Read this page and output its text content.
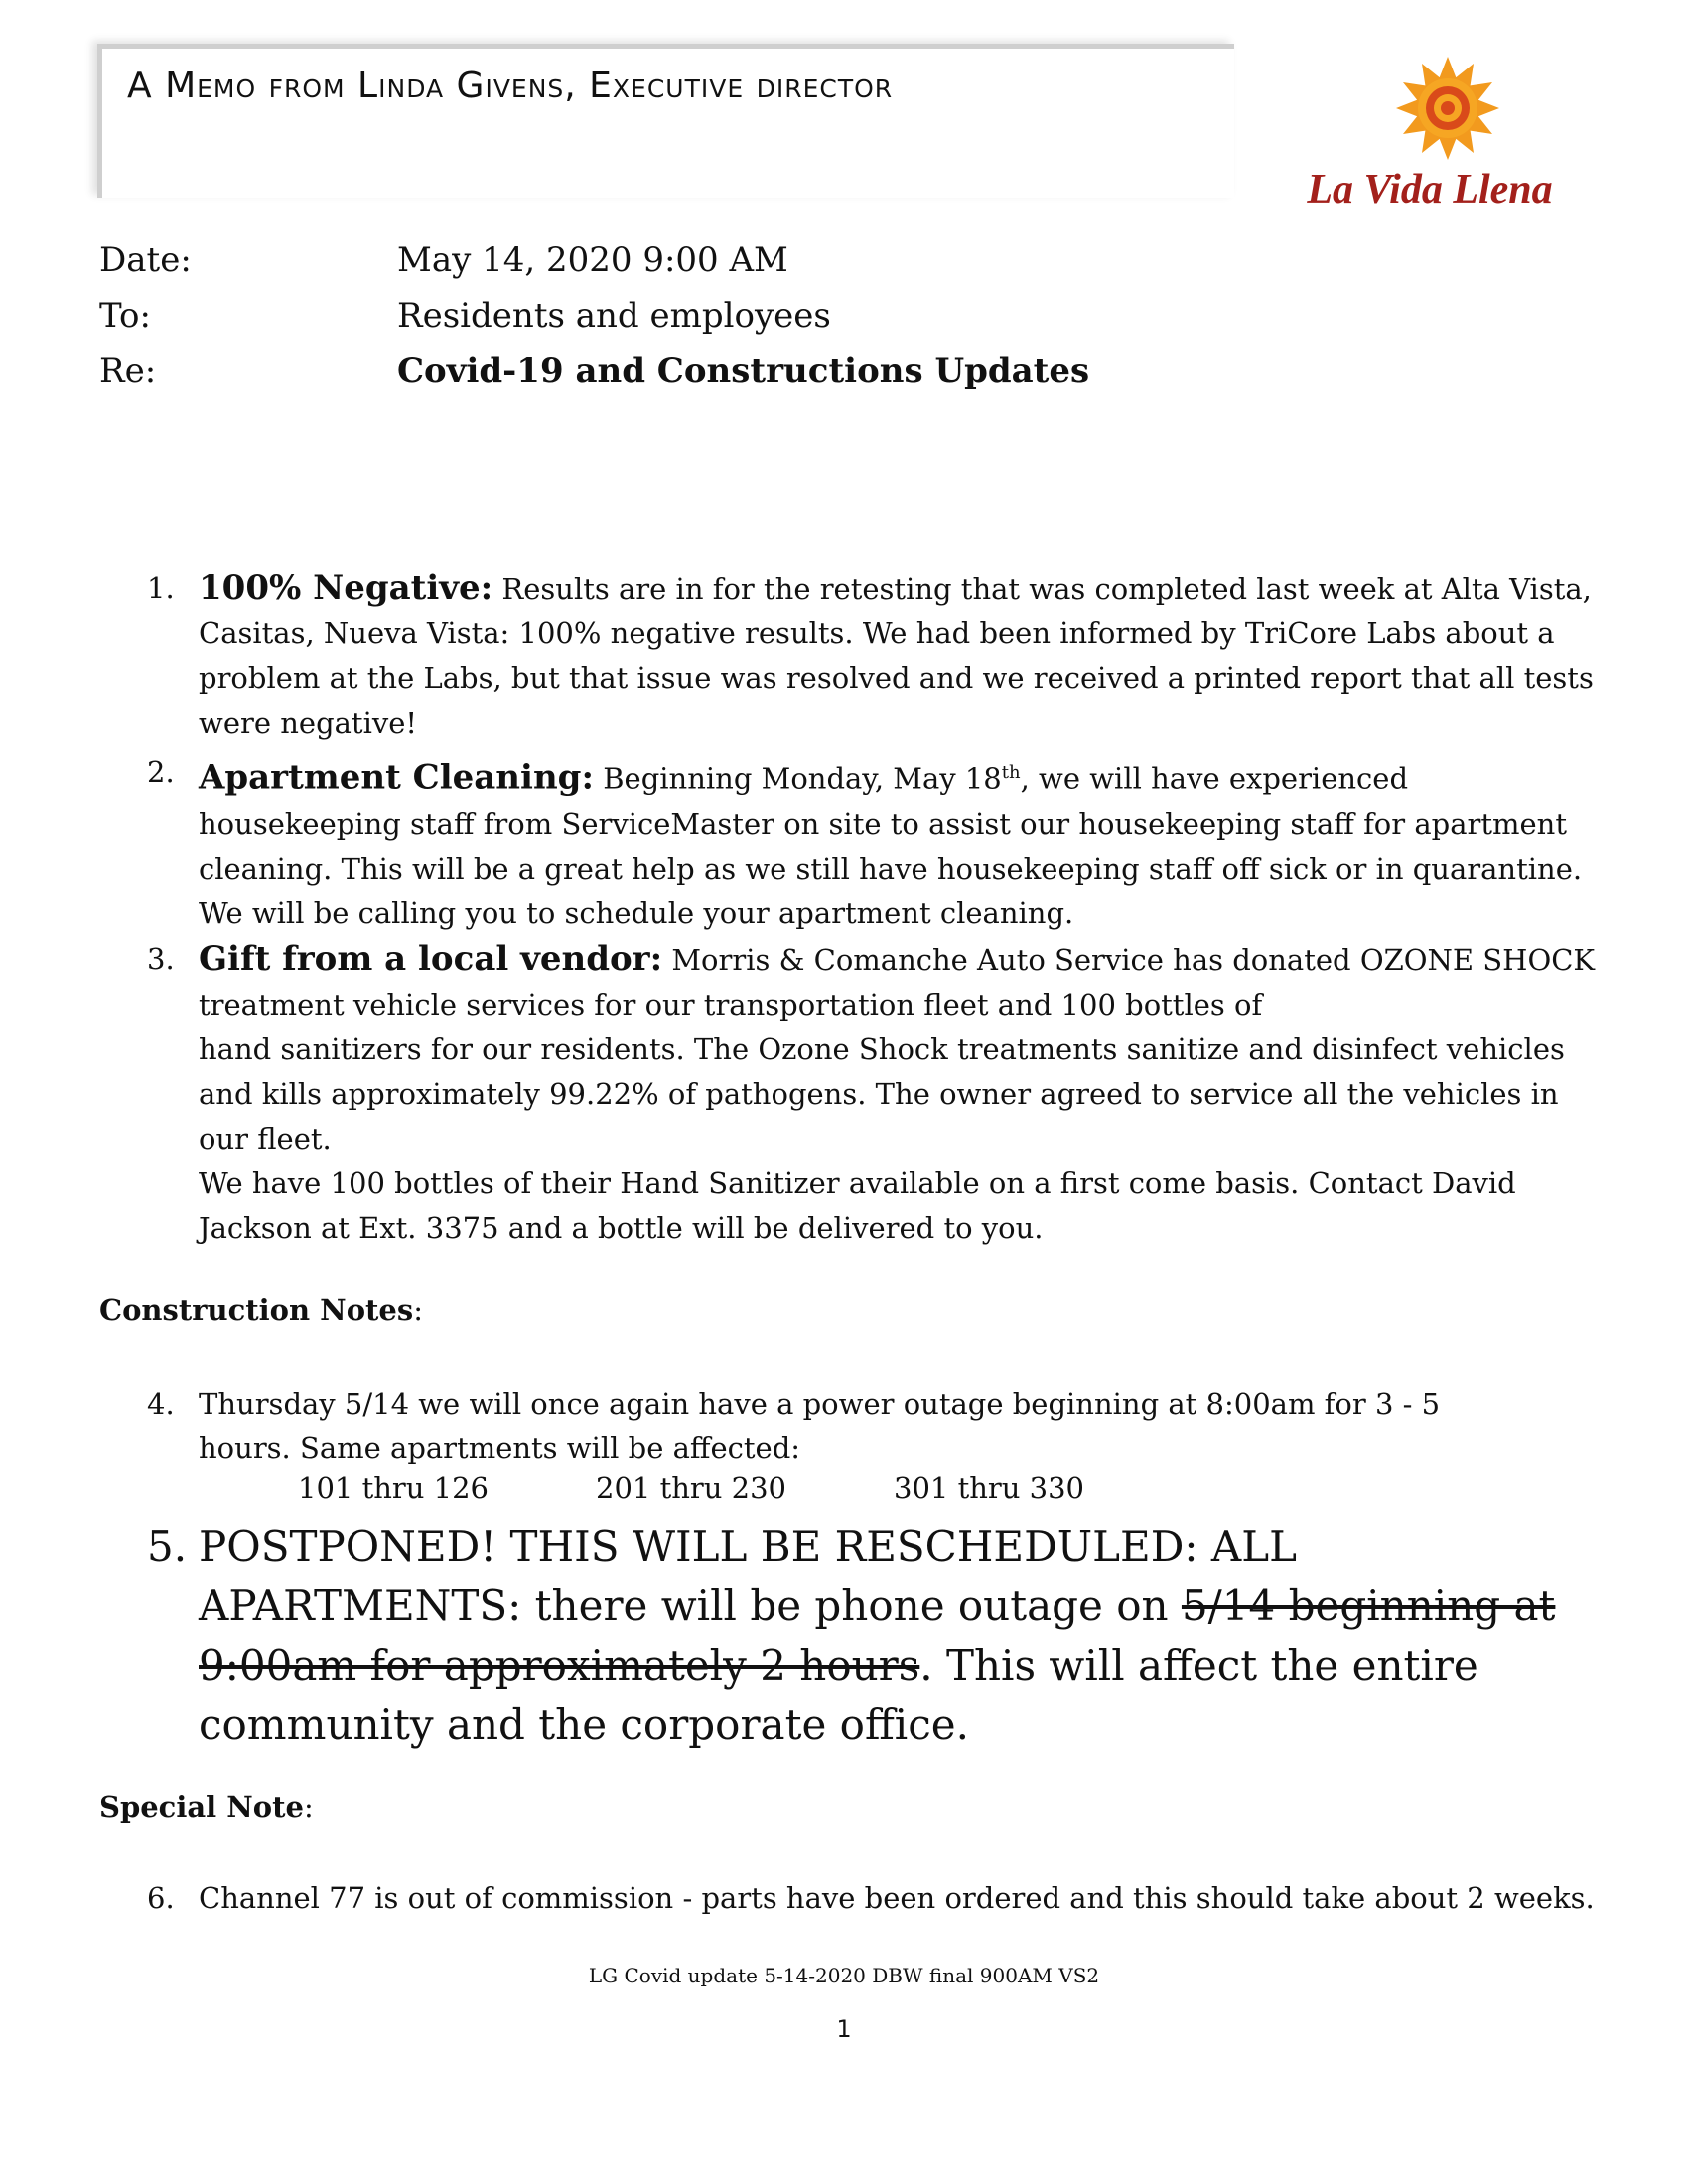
A Memo from Linda Givens, Executive director
La Vida Llena
Date:	May 14, 2020 9:00 AM
To:	Residents and employees
Re:	Covid-19 and Constructions Updates
1. 100% Negative: Results are in for the retesting that was completed last week at Alta Vista, Casitas, Nueva Vista: 100% negative results. We had been informed by TriCore Labs about a problem at the Labs, but that issue was resolved and we received a printed report that all tests were negative!
2. Apartment Cleaning: Beginning Monday, May 18th, we will have experienced housekeeping staff from ServiceMaster on site to assist our housekeeping staff for apartment cleaning. This will be a great help as we still have housekeeping staff off sick or in quarantine. We will be calling you to schedule your apartment cleaning.
3. Gift from a local vendor: Morris & Comanche Auto Service has donated OZONE SHOCK treatment vehicle services for our transportation fleet and 100 bottles of
hand sanitizers for our residents. The Ozone Shock treatments sanitize and disinfect vehicles and kills approximately 99.22% of pathogens. The owner agreed to service all the vehicles in our fleet.
We have 100 bottles of their Hand Sanitizer available on a first come basis. Contact David Jackson at Ext. 3375 and a bottle will be delivered to you.
Construction Notes:
4. Thursday 5/14 we will once again have a power outage beginning at 8:00am for 3 - 5 hours. Same apartments will be affected:
101 thru 126	201 thru 230	301 thru 330
5. POSTPONED! THIS WILL BE RESCHEDULED: ALL APARTMENTS: there will be phone outage on 5/14 beginning at 9:00am for approximately 2 hours. This will affect the entire community and the corporate office.
Special Note:
6. Channel 77 is out of commission - parts have been ordered and this should take about 2 weeks.
LG Covid update 5-14-2020 DBW final 900AM VS2
1
